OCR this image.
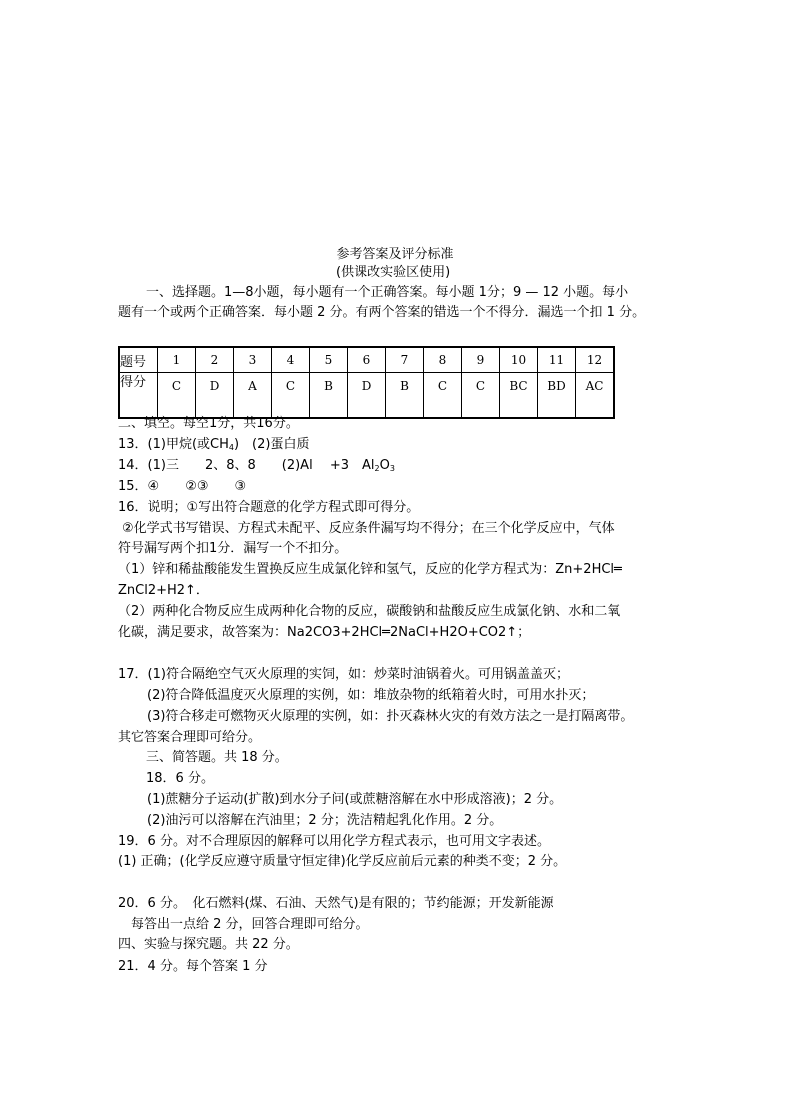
参考答案及评分标准
(供课改实验区使用)
一、选择题。1—8小题，每小题有一个正确答案。每小题 1分；9 — 12 小题。每小
题有一个或两个正确答案．每小题 2 分。有两个答案的错选一个不得分．漏选一个扣 1 分。
题号	1	2	3	4	5	6	7	8	9	10	11	12
得分	C	D	A	C	B	D	B	C	C	BC	BD	AC
二、填空。每空1分，共16分。
13．(1)甲烷(或$CH_4$)　(2)蛋白质
14．(1)三　　2、8、8　　(2)Al　 +3　$Al_2O_3$
15．④　　②③　　③
16．说明；①写出符合题意的化学方程式即可得分。
②化学式书写错误、方程式未配平、反应条件漏写均不得分；在三个化学反应中，气体
符号漏写两个扣1分．漏写一个不扣分。
（1）锌和稀盐酸能发生置换反应生成氯化锌和氢气，反应的化学方程式为：Zn+2HCl═
ZnCl2+H2↑．
（2）两种化合物反应生成两种化合物的反应，碳酸钠和盐酸反应生成氯化钠、水和二氧
化碳，满足要求，故答案为：Na2CO3+2HCl═2NaCl+H2O+CO2↑；
17．(1)符合隔绝空气灭火原理的实饲，如：炒菜时油锅着火。可用锅盖盖灭；
(2)符合降低温度灭火原理的实例，如：堆放杂物的纸箱着火时，可用水扑灭；
(3)符合移走可燃物灭火原理的实例，如：扑灭森林火灾的有效方法之一是打隔离带。
其它答案合理即可给分。
三、简答题。共 18 分。
18．6 分。
(1)蔗糖分子运动(扩散)到水分子问(或蔗糖溶解在水中形成溶液)；2 分。
(2)油污可以溶解在汽油里；2 分；洗洁精起乳化作用。2 分。
19．6 分。对不合理原因的解释可以用化学方程式表示，也可用文字表述。
(1) 正确；(化学反应遵守质量守恒定律)化学反应前后元素的种类不变；2 分。
20．6 分。　化石燃料(煤、石油、天然气)是有限的；节约能源；开发新能源
每答出一点给 2 分，回答合理即可给分。
四、实验与探究题。共 22 分。
21．4 分。每个答案 1 分
